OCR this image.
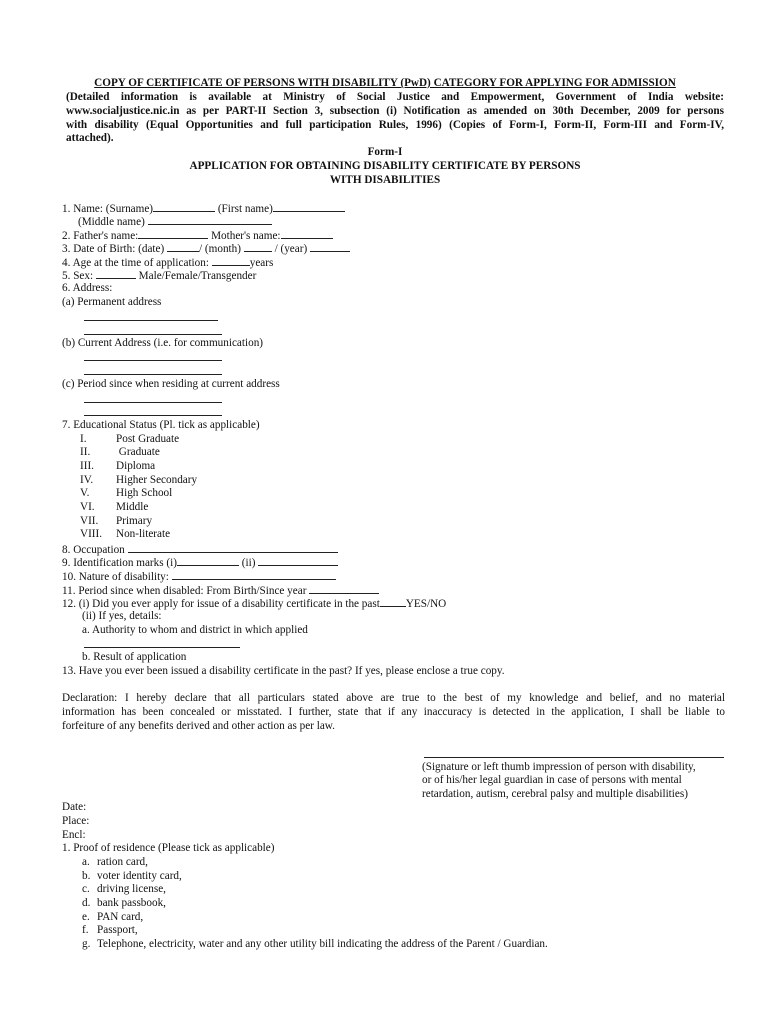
COPY OF CERTIFICATE OF PERSONS WITH DISABILITY (PwD) CATEGORY FOR APPLYING FOR ADMISSION
(Detailed information is available at Ministry of Social Justice and Empowerment, Government of India website:
www.socialjustice.nic.in as per PART-II Section 3, subsection (i) Notification as amended on 30th December, 2009 for persons
with disability (Equal Opportunities and full participation Rules, 1996) (Copies of Form-I, Form-II, Form-III and Form-IV,
attached).
Form-I
APPLICATION FOR OBTAINING DISABILITY CERTIFICATE BY PERSONS
WITH DISABILITIES
1. Name: (Surname)	(First name)
(Middle name)
2. Father's name:	Mother's name:
3. Date of Birth: (date)	/ (month)	/ (year)
4. Age at the time of application:	years
5. Sex:	Male/Female/Transgender
6. Address:
(a) Permanent address
(b) Current Address (i.e. for communication)
(c) Period since when residing at current address
7. Educational Status (Pl. tick as applicable)
I.	Post Graduate
II. Graduate
III. Diploma
IV. Higher Secondary
V. High School
VI. Middle
VII. Primary
VIII. Non-literate
8. Occupation
9. Identification marks (i)	(ii)
10. Nature of disability:
11. Period since when disabled: From Birth/Since year
12. (i) Did you ever apply for issue of a disability certificate in the past YES/NO
(ii) If yes, details:
a. Authority to whom and district in which applied
b. Result of application
13. Have you ever been issued a disability certificate in the past? If yes, please enclose a true copy.
Declaration: I hereby declare that all particulars stated above are true to the best of my knowledge and belief, and no material
information has been concealed or misstated. I further, state that if any inaccuracy is detected in the application, I shall be liable to
forfeiture of any benefits derived and other action as per law.
(Signature or left thumb impression of person with disability,
or of his/her legal guardian in case of persons with mental
retardation, autism, cerebral palsy and multiple disabilities)
Date:
Place:
Encl:
1. Proof of residence (Please tick as applicable)
a. ration card,
b. voter identity card,
c. driving license,
d. bank passbook,
e. PAN card,
f. Passport,
g. Telephone, electricity, water and any other utility bill indicating the address of the Parent / Guardian.
